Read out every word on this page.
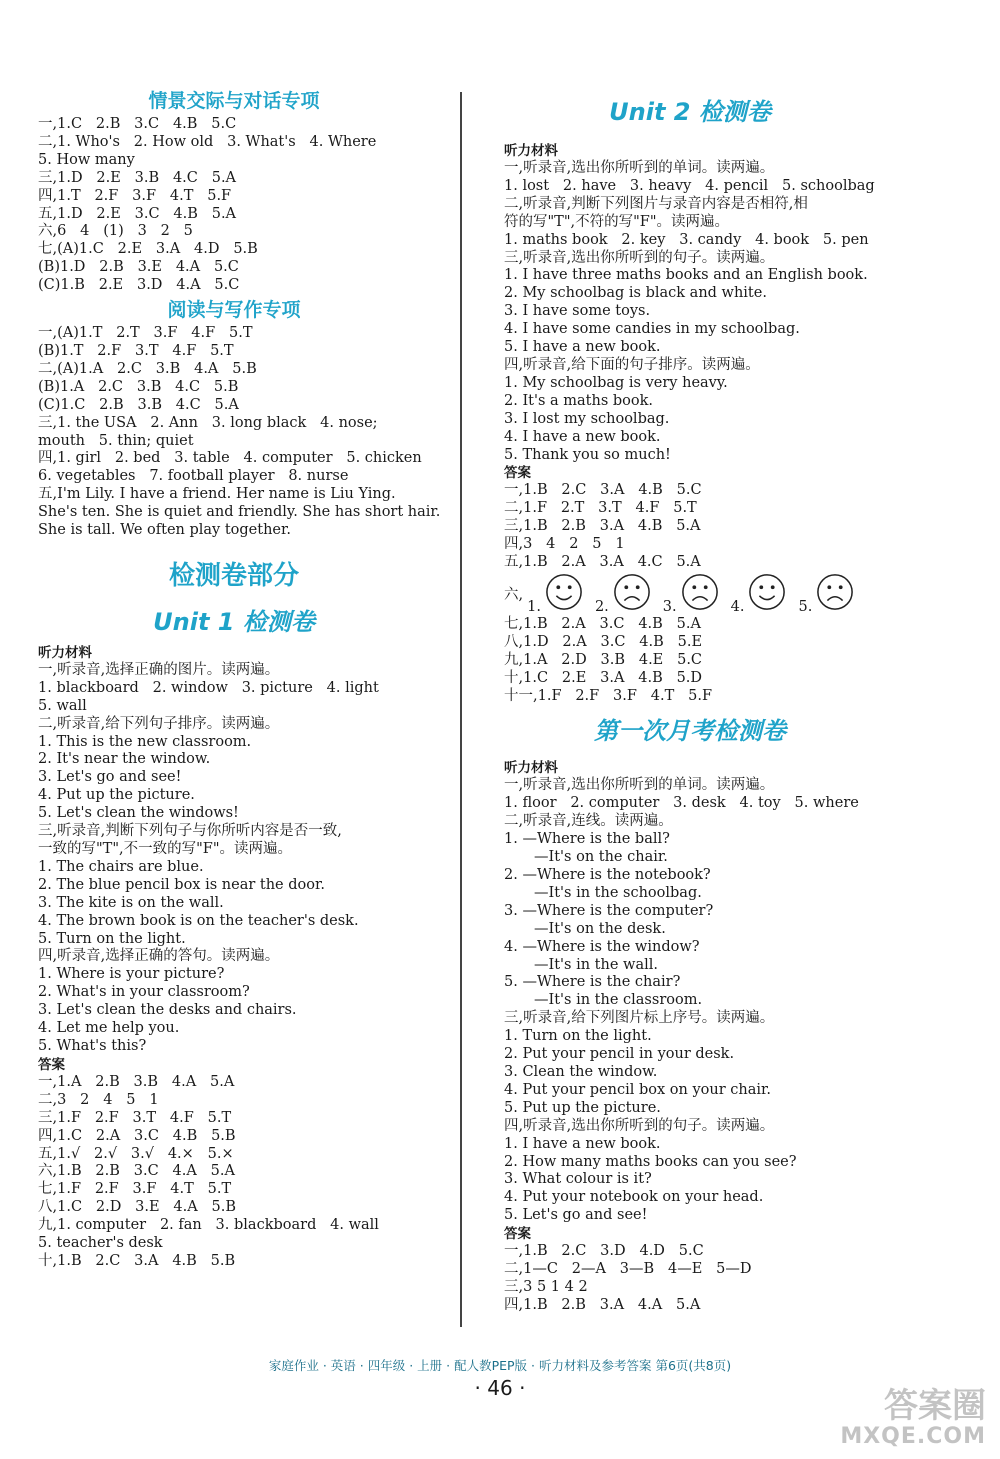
情景交际与对话专项
一,1.C   2.B   3.C   4.B   5.C
二,1. Who's   2. How old   3. What's   4. Where
5. How many
三,1.D   2.E   3.B   4.C   5.A
四,1.T   2.F   3.F   4.T   5.F
五,1.D   2.E   3.C   4.B   5.A
六,6   4   (1)   3   2   5
七,(A)1.C   2.E   3.A   4.D   5.B
(B)1.D   2.B   3.E   4.A   5.C
(C)1.B   2.E   3.D   4.A   5.C
阅读与写作专项
一,(A)1.T   2.T   3.F   4.F   5.T
(B)1.T   2.F   3.T   4.F   5.T
二,(A)1.A   2.C   3.B   4.A   5.B
(B)1.A   2.C   3.B   4.C   5.B
(C)1.C   2.B   3.B   4.C   5.A
三,1. the USA   2. Ann   3. long black   4. nose;
mouth   5. thin; quiet
四,1. girl   2. bed   3. table   4. computer   5. chicken
6. vegetables   7. football player   8. nurse
五,I'm Lily. I have a friend. Her name is Liu Ying.
She's ten. She is quiet and friendly. She has short hair.
She is tall. We often play together.
检测卷部分
Unit 1 检测卷
听力材料
一,听录音,选择正确的图片。读两遍。
1. blackboard   2. window   3. picture   4. light
5. wall
二,听录音,给下列句子排序。读两遍。
1. This is the new classroom.
2. It's near the window.
3. Let's go and see!
4. Put up the picture.
5. Let's clean the windows!
三,听录音,判断下列句子与你所听内容是否一致,
一致的写"T",不一致的写"F"。读两遍。
1. The chairs are blue.
2. The blue pencil box is near the door.
3. The kite is on the wall.
4. The brown book is on the teacher's desk.
5. Turn on the light.
四,听录音,选择正确的答句。读两遍。
1. Where is your picture?
2. What's in your classroom?
3. Let's clean the desks and chairs.
4. Let me help you.
5. What's this?
答案
一,1.A   2.B   3.B   4.A   5.A
二,3   2   4   5   1
三,1.F   2.F   3.T   4.F   5.T
四,1.C   2.A   3.C   4.B   5.B
五,1.√   2.√   3.√   4.×   5.×
六,1.B   2.B   3.C   4.A   5.A
七,1.F   2.F   3.F   4.T   5.T
八,1.C   2.D   3.E   4.A   5.B
九,1. computer   2. fan   3. blackboard   4. wall
5. teacher's desk
十,1.B   2.C   3.A   4.B   5.B
Unit 2 检测卷
听力材料
一,听录音,选出你所听到的单词。读两遍。
1. lost   2. have   3. heavy   4. pencil   5. schoolbag
二,听录音,判断下列图片与录音内容是否相符,相
符的写"T",不符的写"F"。读两遍。
1. maths book   2. key   3. candy   4. book   5. pen
三,听录音,选出你所听到的句子。读两遍。
1. I have three maths books and an English book.
2. My schoolbag is black and white.
3. I have some toys.
4. I have some candies in my schoolbag.
5. I have a new book.
四,听录音,给下面的句子排序。读两遍。
1. My schoolbag is very heavy.
2. It's a maths book.
3. I lost my schoolbag.
4. I have a new book.
5. Thank you so much!
答案
一,1.B   2.C   3.A   4.B   5.C
二,1.F   2.T   3.T   4.F   5.T
三,1.B   2.B   3.A   4.B   5.A
四,3   4   2   5   1
五,1.B   2.A   3.A   4.C   5.A
六,
1.	2.	3.	4.	5.
七,1.B   2.A   3.C   4.B   5.A
八,1.D   2.A   3.C   4.B   5.E
九,1.A   2.D   3.B   4.E   5.C
十,1.C   2.E   3.A   4.B   5.D
十一,1.F   2.F   3.F   4.T   5.F
第一次月考检测卷
听力材料
一,听录音,选出你所听到的单词。读两遍。
1. floor   2. computer   3. desk   4. toy   5. where
二,听录音,连线。读两遍。
1. —Where is the ball?
—It's on the chair.
2. —Where is the notebook?
—It's in the schoolbag.
3. —Where is the computer?
—It's on the desk.
4. —Where is the window?
—It's in the wall.
5. —Where is the chair?
—It's in the classroom.
三,听录音,给下列图片标上序号。读两遍。
1. Turn on the light.
2. Put your pencil in your desk.
3. Clean the window.
4. Put your pencil box on your chair.
5. Put up the picture.
四,听录音,选出你所听到的句子。读两遍。
1. I have a new book.
2. How many maths books can you see?
3. What colour is it?
4. Put your notebook on your head.
5. Let's go and see!
答案
一,1.B   2.C   3.D   4.D   5.C
二,1—C   2—A   3—B   4—E   5—D
三,3 5 1 4 2
四,1.B   2.B   3.A   4.A   5.A
家庭作业 · 英语 · 四年级 · 上册 · 配人教PEP版 · 听力材料及参考答案 第6页(共8页)
· 46 ·	答案圈
MXQE.COM
